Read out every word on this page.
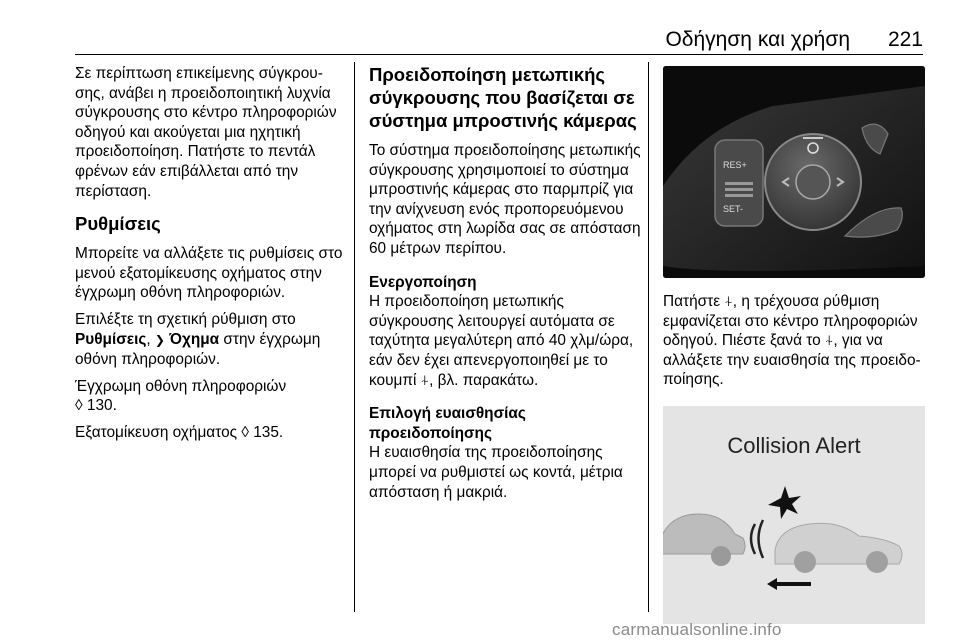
Οδήγηση και χρήση 221

Σε περίπτωση επικείμενης σύγκρουσης, ανάβει η προειδοποιητική λυχνία σύγκρουσης στο κέντρο πληροφοριών οδηγού και ακούγεται μια ηχητική προειδοποίηση. Πατήστε το πεντάλ φρένων εάν επιβάλλεται από την περίσταση.

Ρυθμίσεις

Μπορείτε να αλλάξετε τις ρυθμίσεις στο μενού εξατομίκευσης οχήματος στην έγχρωμη οθόνη πληροφοριών.

Επιλέξτε τη σχετική ρύθμιση στο
Ρυθμίσεις, ❯ Όχημα στην έγχρωμη οθόνη πληροφοριών.

Έγχρωμη οθόνη πληροφοριών
◊ 130.

Εξατομίκευση οχήματος ◊ 135.

Προειδοποίηση μετωπικής σύγκρουσης που βασίζεται σε σύστημα μπροστινής κάμερας

Το σύστημα προειδοποίησης μετωπικής σύγκρουσης χρησιμοποιεί το σύστημα μπροστινής κάμερας στο παρμπρίζ για την ανίχνευση ενός προπορευόμενου οχήματος στη λωρίδα σας σε απόσταση 60 μέτρων περίπου.

Ενεργοποίηση

Η προειδοποίηση μετωπικής σύγκρουσης λειτουργεί αυτόματα σε ταχύτητα μεγαλύτερη από 40 χλμ/ώρα, εάν δεν έχει απενεργοποιηθεί με το κουμπί ⍭, βλ. παρακάτω.

Επιλογή ευαισθησίας προειδοποίησης

Η ευαισθησία της προειδοποίησης μπορεί να ρυθμιστεί ως κοντά, μέτρια απόσταση ή μακριά.

RES+
SET-

Πατήστε ⍭, η τρέχουσα ρύθμιση εμφανίζεται στο κέντρο πληροφοριών οδηγού. Πιέστε ξανά το ⍭, για να αλλάξετε την ευαισθησία της προειδοποίησης.

Collision Alert
carmanualsonline.info
